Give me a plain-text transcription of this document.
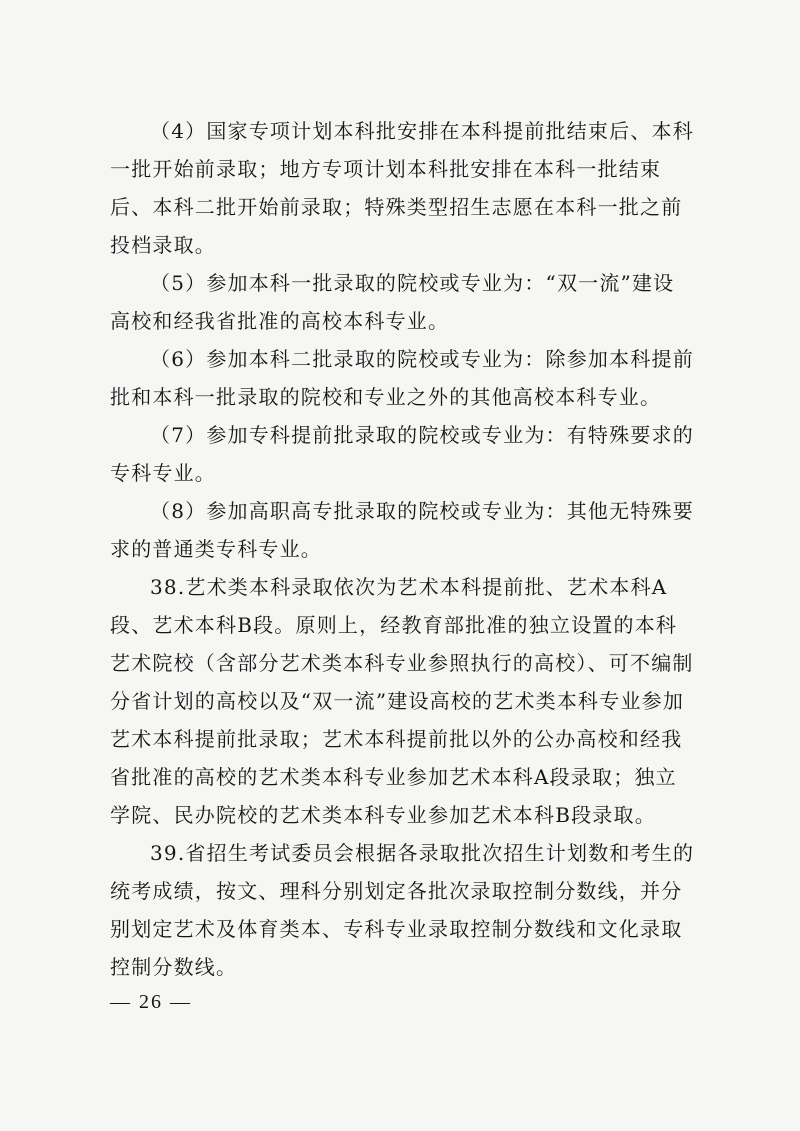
（4）国家专项计划本科批安排在本科提前批结束后、本科一批开始前录取；地方专项计划本科批安排在本科一批结束后、本科二批开始前录取；特殊类型招生志愿在本科一批之前投档录取。

（5）参加本科一批录取的院校或专业为：“双一流”建设高校和经我省批准的高校本科专业。

（6）参加本科二批录取的院校或专业为：除参加本科提前批和本科一批录取的院校和专业之外的其他高校本科专业。

（7）参加专科提前批录取的院校或专业为：有特殊要求的专科专业。

（8）参加高职高专批录取的院校或专业为：其他无特殊要求的普通类专科专业。

38.艺术类本科录取依次为艺术本科提前批、艺术本科A段、艺术本科B段。原则上，经教育部批准的独立设置的本科艺术院校（含部分艺术类本科专业参照执行的高校）、可不编制分省计划的高校以及“双一流”建设高校的艺术类本科专业参加艺术本科提前批录取；艺术本科提前批以外的公办高校和经我省批准的高校的艺术类本科专业参加艺术本科A段录取；独立学院、民办院校的艺术类本科专业参加艺术本科B段录取。

39.省招生考试委员会根据各录取批次招生计划数和考生的统考成绩，按文、理科分别划定各批次录取控制分数线，并分别划定艺术及体育类本、专科专业录取控制分数线和文化录取控制分数线。

— 26 —
